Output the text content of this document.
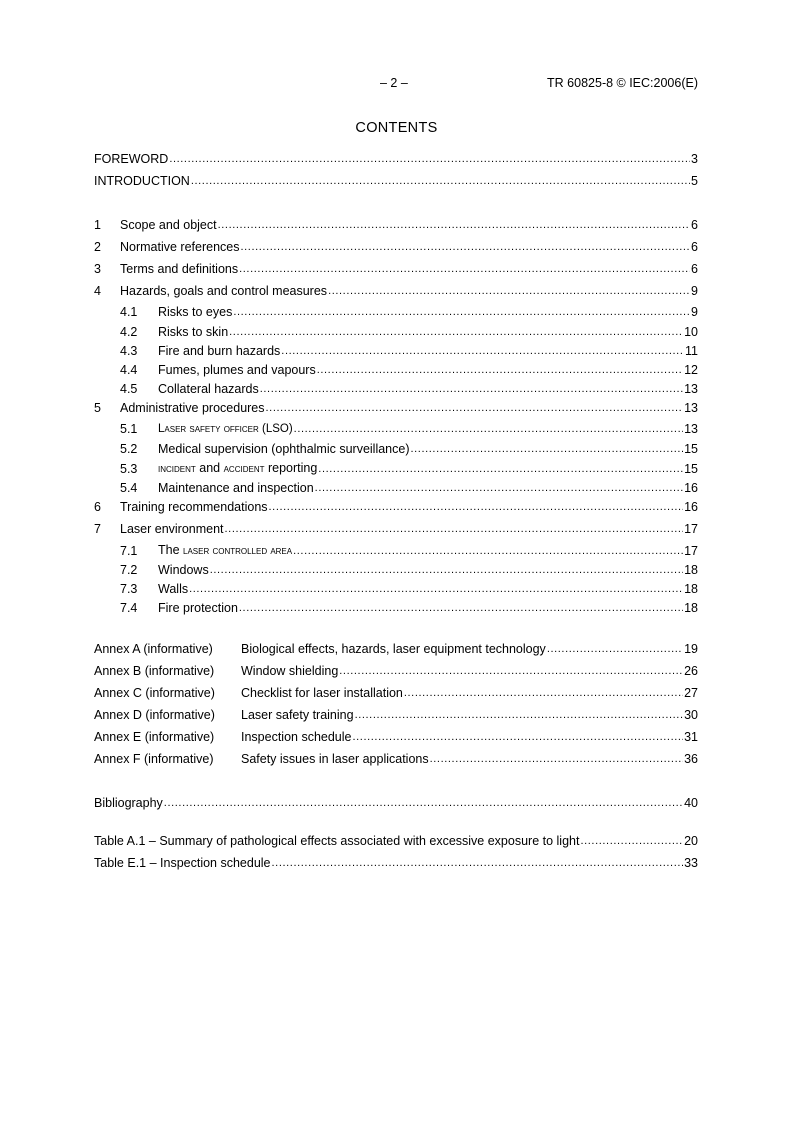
– 2 –	TR 60825-8 © IEC:2006(E)
CONTENTS
FOREWORD .....	3
INTRODUCTION .....	5
1	Scope and object .....	6
2	Normative references .....	6
3	Terms and definitions .....	6
4	Hazards, goals and control measures .....	9
4.1	Risks to eyes .....	9
4.2	Risks to skin .....	10
4.3	Fire and burn hazards .....	11
4.4	Fumes, plumes and vapours .....	12
4.5	Collateral hazards .....	13
5	Administrative procedures .....	13
5.1	Laser safety officer (LSO) .....	13
5.2	Medical supervision (ophthalmic surveillance) .....	15
5.3	incident and accident reporting .....	15
5.4	Maintenance and inspection .....	16
6	Training recommendations .....	16
7	Laser environment .....	17
7.1	The laser controlled area .....	17
7.2	Windows .....	18
7.3	Walls .....	18
7.4	Fire protection .....	18
Annex A (informative)	Biological effects, hazards, laser equipment technology .....	19
Annex B (informative)	Window shielding .....	26
Annex C (informative)	Checklist for laser installation .....	27
Annex D (informative)	Laser safety training .....	30
Annex E (informative)	Inspection schedule .....	31
Annex F (informative)	Safety issues in laser applications .....	36
Bibliography .....	40
Table A.1 – Summary of pathological effects associated with excessive exposure to light .....	20
Table E.1 – Inspection schedule .....	33
